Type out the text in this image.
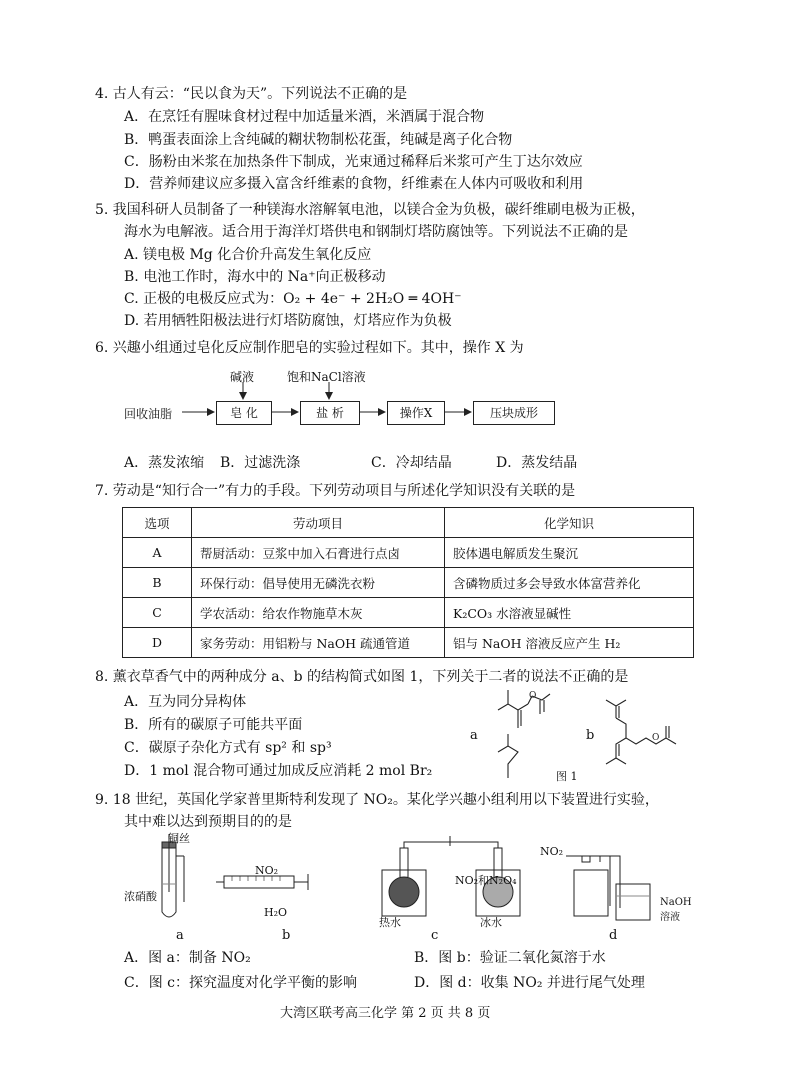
4. 古人有云：“民以食为天”。下列说法不正确的是
A．在烹饪有腥味食材过程中加适量米酒，米酒属于混合物
B．鸭蛋表面涂上含纯碱的糊状物制松花蛋，纯碱是离子化合物
C．肠粉由米浆在加热条件下制成，光束通过稀释后米浆可产生丁达尔效应
D．营养师建议应多摄入富含纤维素的食物，纤维素在人体内可吸收和利用
5. 我国科研人员制备了一种镁海水溶解氧电池，以镁合金为负极，碳纤维刷电极为正极，
海水为电解液。适合用于海洋灯塔供电和钢制灯塔防腐蚀等。下列说法不正确的是
A. 镁电极 Mg 化合价升高发生氧化反应
B. 电池工作时，海水中的 Na⁺向正极移动
C. 正极的电极反应式为：O₂ + 4e⁻ + 2H₂O ═ 4OH⁻
D. 若用牺牲阳极法进行灯塔防腐蚀，灯塔应作为负极
6. 兴趣小组通过皂化反应制作肥皂的实验过程如下。其中，操作 X 为
回收油脂
碱液	饱和NaCl溶液
皂 化	盐 析	操作X	压块成形
A．蒸发浓缩 B．过滤洗涤	C．冷却结晶	D．蒸发结晶
7. 劳动是“知行合一”有力的手段。下列劳动项目与所述化学知识没有关联的是
选项	劳动项目	化学知识
A	帮厨活动：豆浆中加入石膏进行点卤	胶体遇电解质发生聚沉
B	环保行动：倡导使用无磷洗衣粉	含磷物质过多会导致水体富营养化
C	学农活动：给农作物施草木灰	K₂CO₃ 水溶液显碱性
D	家务劳动：用铝粉与 NaOH 疏通管道	铝与 NaOH 溶液反应产生 H₂
8. 薰衣草香气中的两种成分 a、b 的结构简式如图 1，下列关于二者的说法不正确的是
A．互为同分异构体
B．所有的碳原子可能共平面
C．碳原子杂化方式有 sp² 和 sp³
D．1 mol 混合物可通过加成反应消耗 2 mol Br₂
O
O
a	b
图 1
9. 18 世纪，英国化学家普里斯特利发现了 NO₂。某化学兴趣小组利用以下装置进行实验，
其中难以达到预期目的的是
铜丝
浓硝酸
NO₂
H₂O
NO₂和N₂O₄
热水	冰水
NO₂
NaOH溶液
a	b	c	d
A．图 a：制备 NO₂	B．图 b：验证二氧化氮溶于水
C．图 c：探究温度对化学平衡的影响	D．图 d：收集 NO₂ 并进行尾气处理
大湾区联考高三化学 第 2 页 共 8 页
